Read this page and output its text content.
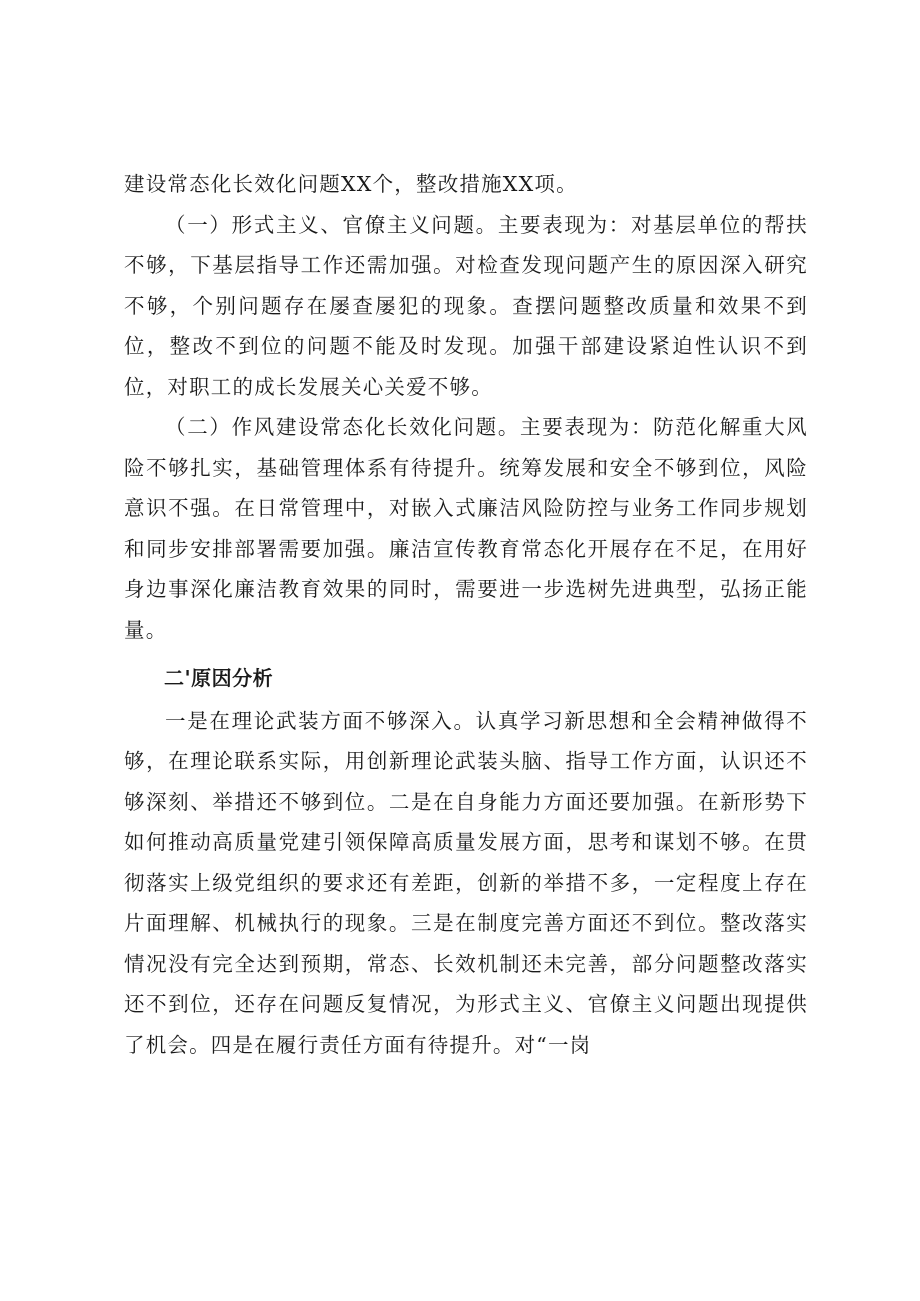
建设常态化长效化问题XX个，整改措施XX项。

（一）形式主义、官僚主义问题。主要表现为：对基层单位的帮扶不够，下基层指导工作还需加强。对检查发现问题产生的原因深入研究不够，个别问题存在屡查屡犯的现象。查摆问题整改质量和效果不到位，整改不到位的问题不能及时发现。加强干部建设紧迫性认识不到位，对职工的成长发展关心关爱不够。

（二）作风建设常态化长效化问题。主要表现为：防范化解重大风险不够扎实，基础管理体系有待提升。统筹发展和安全不够到位，风险意识不强。在日常管理中，对嵌入式廉洁风险防控与业务工作同步规划和同步安排部署需要加强。廉洁宣传教育常态化开展存在不足，在用好身边事深化廉洁教育效果的同时，需要进一步选树先进典型，弘扬正能量。

二'原因分析

一是在理论武装方面不够深入。认真学习新思想和全会精神做得不够，在理论联系实际，用创新理论武装头脑、指导工作方面，认识还不够深刻、举措还不够到位。二是在自身能力方面还要加强。在新形势下如何推动高质量党建引领保障高质量发展方面，思考和谋划不够。在贯彻落实上级党组织的要求还有差距，创新的举措不多，一定程度上存在片面理解、机械执行的现象。三是在制度完善方面还不到位。整改落实情况没有完全达到预期，常态、长效机制还未完善，部分问题整改落实还不到位，还存在问题反复情况，为形式主义、官僚主义问题出现提供了机会。四是在履行责任方面有待提升。对“一岗
